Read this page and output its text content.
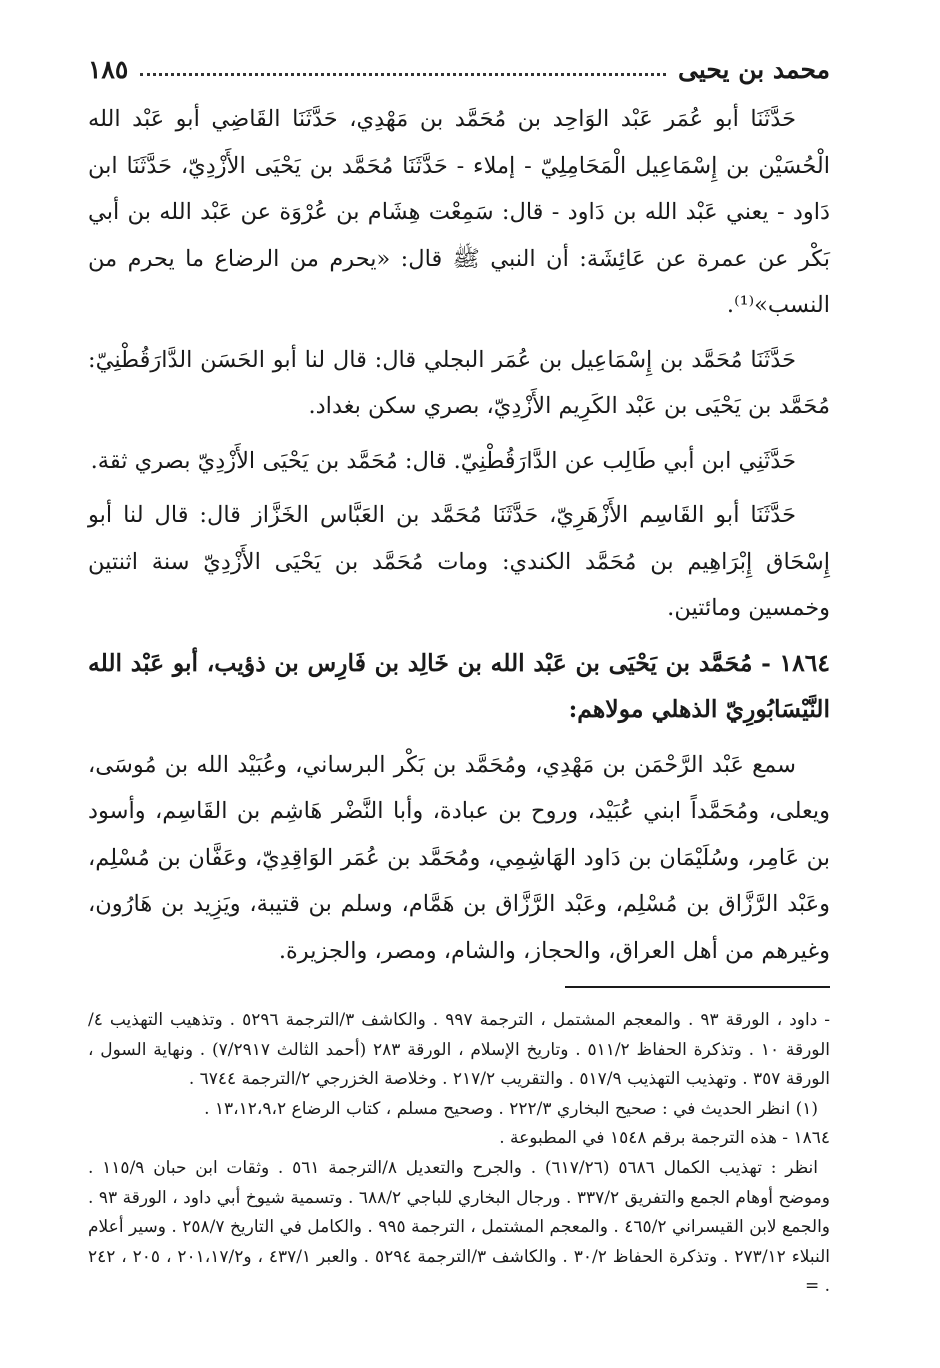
محمد بن يحيى
١٨٥

حَدَّثَنَا أبو عُمَر عَبْد الوَاحِد بن مُحَمَّد بن مَهْدِي، حَدَّثَنَا القَاضِي أبو عَبْد الله الْحُسَيْن بن إِسْمَاعِيل الْمَحَامِلِيّ - إملاء - حَدَّثَنَا مُحَمَّد بن يَحْيَى الأَزْدِيّ، حَدَّثَنَا ابن دَاود - يعني عَبْد الله بن دَاود - قال: سَمِعْت هِشَام بن عُرْوَة عن عَبْد الله بن أبي بَكْر عن عمرة عن عَائِشَة: أن النبي ﷺ قال: «يحرم من الرضاع ما يحرم من النسب»⁽¹⁾.

حَدَّثَنَا مُحَمَّد بن إِسْمَاعِيل بن عُمَر البجلي قال: قال لنا أبو الحَسَن الدَّارَقُطْنِيّ: مُحَمَّد بن يَحْيَى بن عَبْد الكَرِيم الأَزْدِيّ، بصري سكن بغداد.

حَدَّثَنِي ابن أبي طَالِب عن الدَّارَقُطْنِيّ. قال: مُحَمَّد بن يَحْيَى الأَزْدِيّ بصري ثقة.

حَدَّثَنَا أبو القَاسِم الأَزْهَرِيّ، حَدَّثَنَا مُحَمَّد بن العَبَّاس الخَزَّاز قال: قال لنا أبو إِسْحَاق إِبْرَاهِيم بن مُحَمَّد الكندي: ومات مُحَمَّد بن يَحْيَى الأَزْدِيّ سنة اثنتين وخمسين ومائتين.

١٨٦٤ - مُحَمَّد بن يَحْيَى بن عَبْد الله بن خَالِد بن فَارِس بن ذؤيب، أبو عَبْد الله النَّيْسَابُورِيّ الذهلي مولاهم:

سمع عَبْد الرَّحْمَن بن مَهْدِي، ومُحَمَّد بن بَكْر البرساني، وعُبَيْد الله بن مُوسَى، ويعلى، ومُحَمَّداً ابني عُبَيْد، وروح بن عبادة، وأبا النَّضْر هَاشِم بن القَاسِم، وأسود بن عَامِر، وسُلَيْمَان بن دَاود الهَاشِمِي، ومُحَمَّد بن عُمَر الوَاقِدِيّ، وعَفَّان بن مُسْلِم، وعَبْد الرَّزَّاق بن مُسْلِم، وعَبْد الرَّزَّاق بن هَمَّام، وسلم بن قتيبة، ويَزِيد بن هَارُون، وغيرهم من أهل العراق، والحجاز، والشام، ومصر، والجزيرة.

- داود ، الورقة ٩٣ . والمعجم المشتمل ، الترجمة ٩٩٧ . والكاشف ٣/الترجمة ٥٢٩٦ . وتذهيب التهذيب ٤/الورقة ١٠ . وتذكرة الحفاظ ٥١١/٢ . وتاريخ الإسلام ، الورقة ٢٨٣ (أحمد الثالث ٧/٢٩١٧) . ونهاية السول ، الورقة ٣٥٧ . وتهذيب التهذيب ٥١٧/٩ . والتقريب ٢١٧/٢ . وخلاصة الخزرجي ٢/الترجمة ٦٧٤٤ .

(١) انظر الحديث في : صحيح البخاري ٢٢٢/٣ . وصحيح مسلم ، كتاب الرضاع ١٣،١٢،٩،٢ .

١٨٦٤ - هذه الترجمة برقم ١٥٤٨ في المطبوعة .

انظر : تهذيب الكمال ٥٦٨٦ (٦١٧/٢٦) . والجرح والتعديل ٨/الترجمة ٥٦١ . وثقات ابن حبان ١١٥/٩ . وموضح أوهام الجمع والتفريق ٣٣٧/٢ . ورجال البخاري للباجي ٦٨٨/٢ . وتسمية شيوخ أبي داود ، الورقة ٩٣ . والجمع لابن القيسراني ٤٦٥/٢ . والمعجم المشتمل ، الترجمة ٩٩٥ . والكامل في التاريخ ٢٥٨/٧ . وسير أعلام النبلاء ٢٧٣/١٢ . وتذكرة الحفاظ ٣٠/٢ . والكاشف ٣/الترجمة ٥٢٩٤ . والعبر ٤٣٧/١ ، و٢٠١،١٧/٢ ، ٢٠٥ ، ٢٤٢ . =
